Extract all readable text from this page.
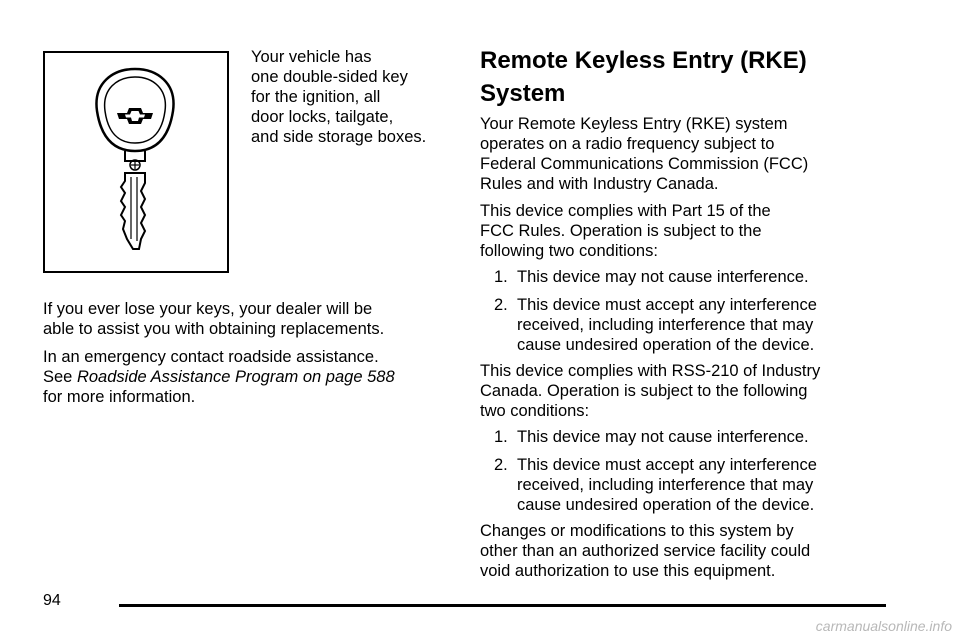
Your vehicle has
one double-sided key
for the ignition, all
door locks, tailgate,
and side storage boxes.
If you ever lose your keys, your dealer will be
able to assist you with obtaining replacements.
In an emergency contact roadside assistance.
See Roadside Assistance Program on page 588
for more information.
Remote Keyless Entry (RKE)
System
Your Remote Keyless Entry (RKE) system
operates on a radio frequency subject to
Federal Communications Commission (FCC)
Rules and with Industry Canada.
This device complies with Part 15 of the
FCC Rules. Operation is subject to the
following two conditions:
1. This device may not cause interference.
2. This device must accept any interference
received, including interference that may
cause undesired operation of the device.
This device complies with RSS-210 of Industry
Canada. Operation is subject to the following
two conditions:
1. This device may not cause interference.
2. This device must accept any interference
received, including interference that may
cause undesired operation of the device.
Changes or modifications to this system by
other than an authorized service facility could
void authorization to use this equipment.
94
carmanualsonline.info
